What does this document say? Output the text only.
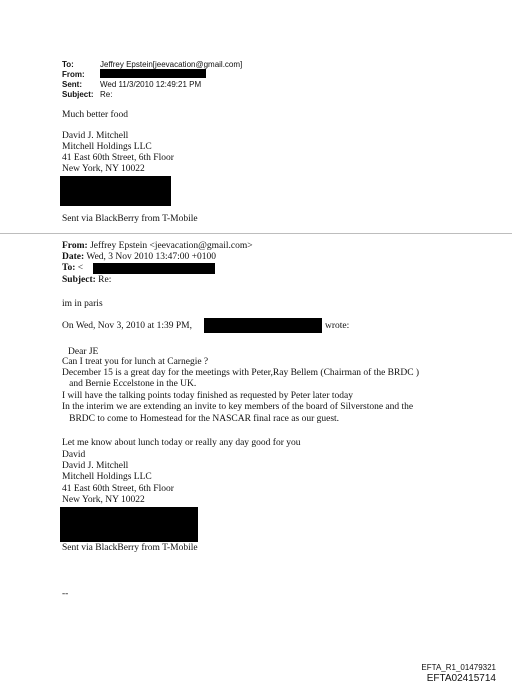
To:	Jeffrey Epstein[jeevacation@gmail.com]
From:
Sent: Wed 11/3/2010 12:49:21 PM
Subject: Re:
Much better food
David J. Mitchell
Mitchell Holdings LLC
41 East 60th Street, 6th Floor
New York, NY 10022
Sent via BlackBerry from T-Mobile
From: Jeffrey Epstein <jeevacation@gmail.com>
Date: Wed, 3 Nov 2010 13:47:00 +0100
To: <
Subject: Re:
im in paris
On Wed, Nov 3, 2010 at 1:39 PM,	wrote:
Dear JE
Can I treat you for lunch at Carnegie ?
December 15 is a great day for the meetings with Peter,Ray Bellem (Chairman of the BRDC )
and Bernie Eccelstone in the UK.
I will have the talking points today finished as requested by Peter later today
In the interim we are extending an invite to key members of the board of Silverstone and the
BRDC to come to Homestead for the NASCAR final race as our guest.
Let me know about lunch today or really any day good for you
David
David J. Mitchell
Mitchell Holdings LLC
41 East 60th Street, 6th Floor
New York, NY 10022
Sent via BlackBerry from T-Mobile
--
EFTA_R1_01479321
EFTA02415714
